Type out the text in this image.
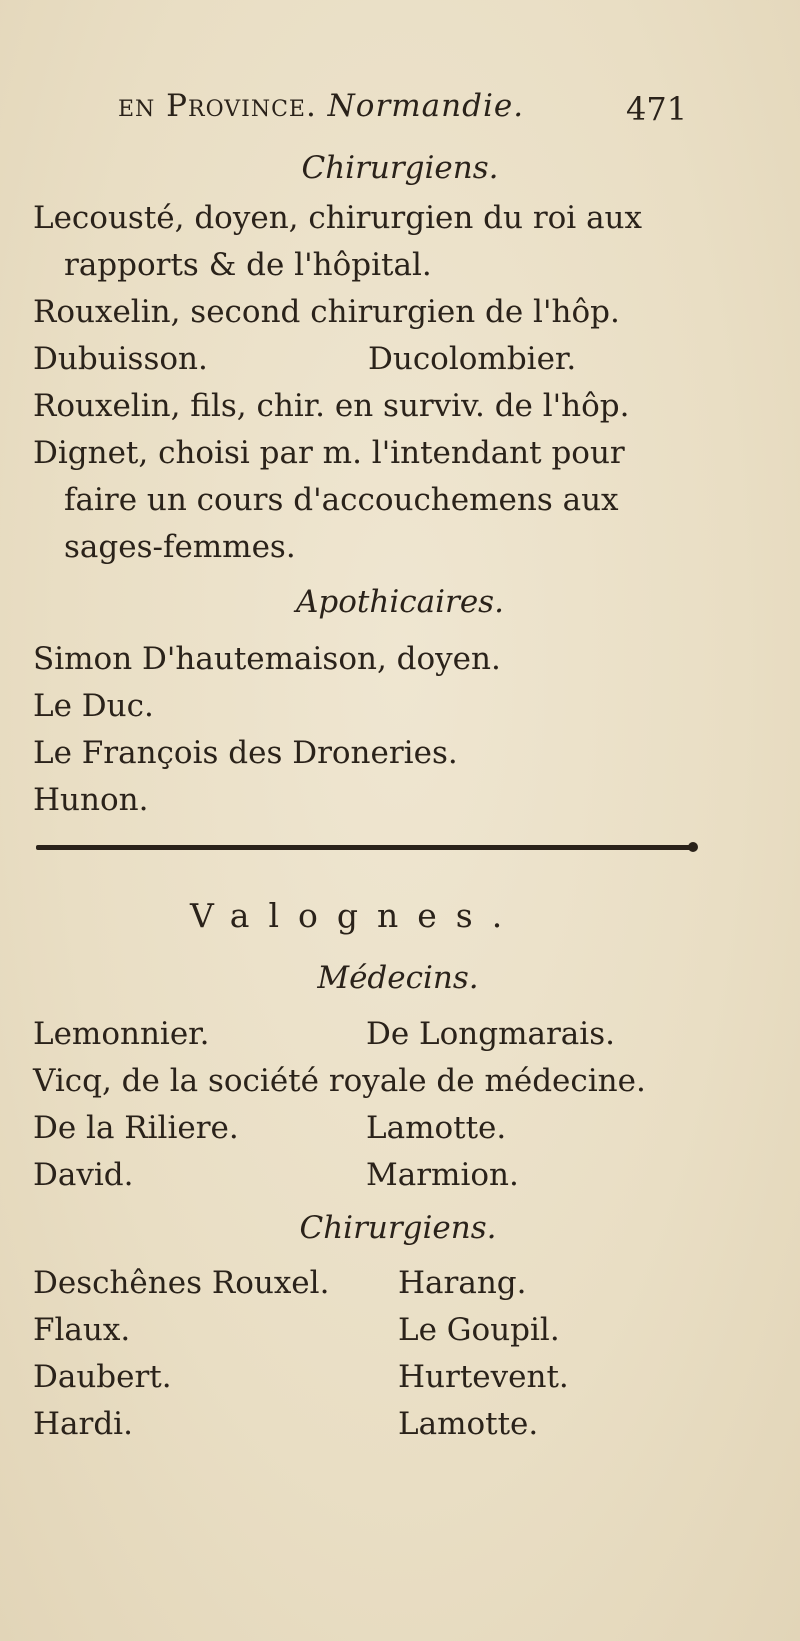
en Province. Normandie.	471
Chirurgiens.
Lecousté, doyen, chirurgien du roi aux
rapports & de l'hôpital.
Rouxelin, second chirurgien de l'hôp.
Dubuisson.	Ducolombier.
Rouxelin, fils, chir. en surviv. de l'hôp.
Dignet, choisi par m. l'intendant pour
faire un cours d'accouchemens aux
sages-femmes.
Apothicaires.
Simon D'hautemaison, doyen.
Le Duc.
Le François des Droneries.
Hunon.
Valognes.
Médecins.
Lemonnier.	De Longmarais.
Vicq, de la société royale de médecine.
De la Riliere.	Lamotte.
David.	Marmion.
Chirurgiens.
Deschênes Rouxel. Harang.
Flaux.	Le Goupil.
Daubert.	Hurtevent.
Hardi.	Lamotte.
